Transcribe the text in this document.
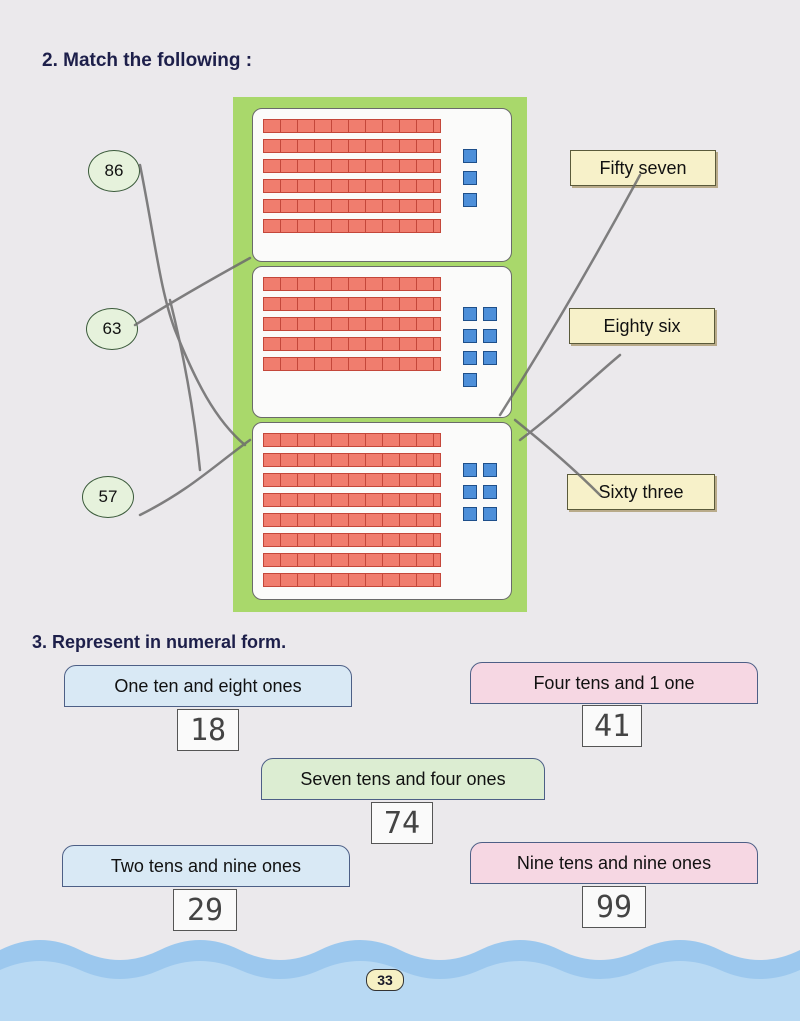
2. Match the following :
86
63
57
Fifty seven
Eighty six
Sixty three
3. Represent in numeral form.
One ten and eight ones
18
Four tens and 1 one
41
Seven tens and four ones
74
Two tens and nine ones
29
Nine tens and nine ones
99
33
